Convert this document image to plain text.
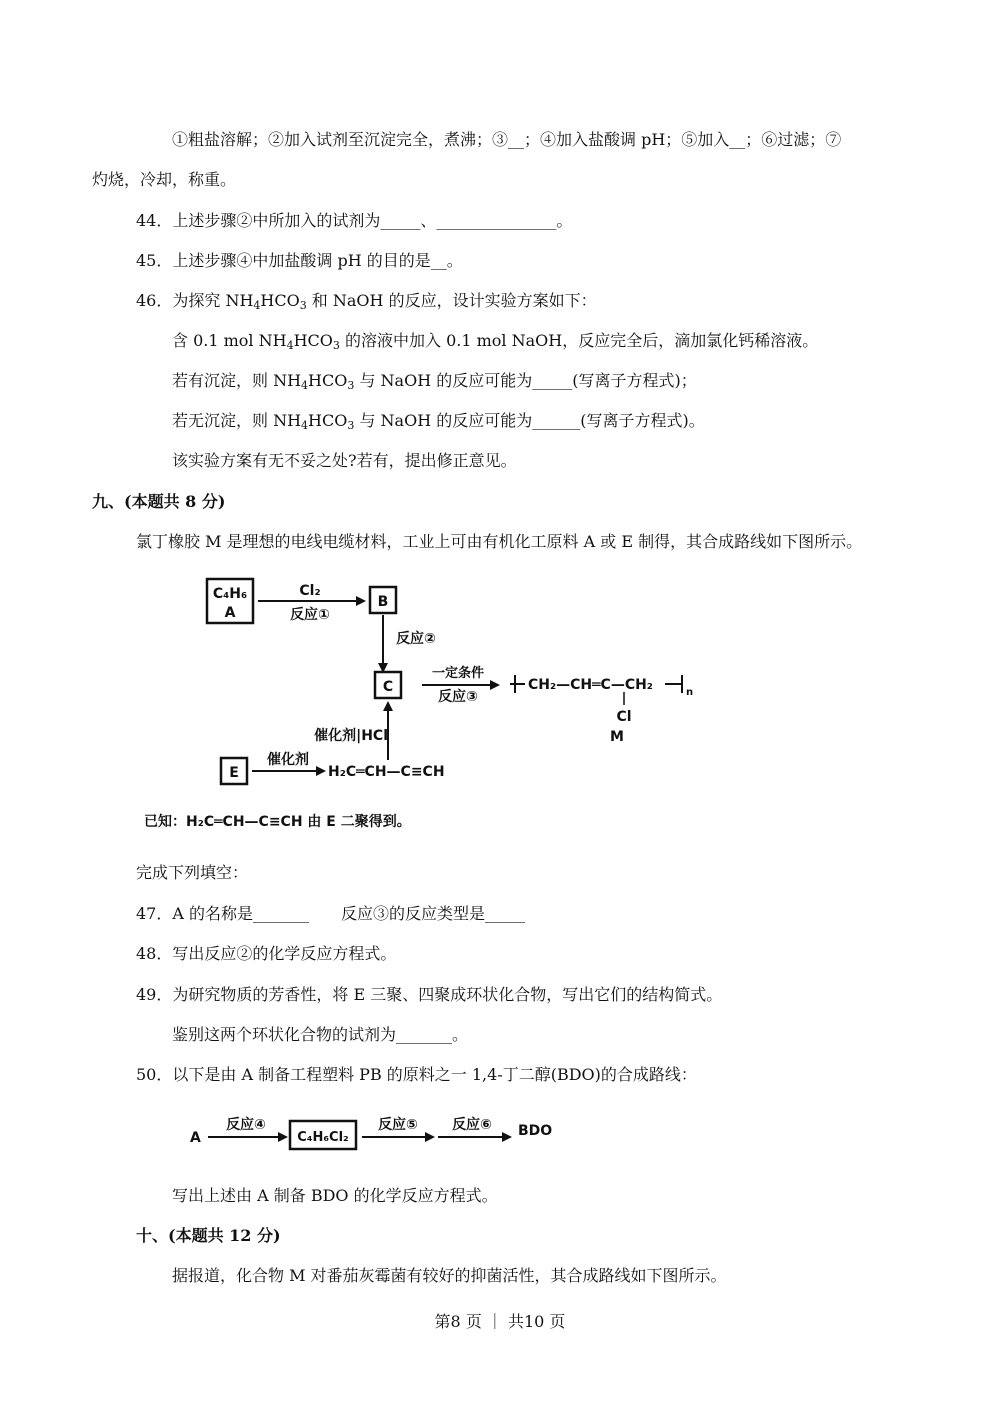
①粗盐溶解；②加入试剂至沉淀完全，煮沸；③__；④加入盐酸调 pH；⑤加入__；⑥过滤；⑦
灼烧，冷却，称重。
44．上述步骤②中所加入的试剂为_____、_______________。
45．上述步骤④中加盐酸调 pH 的目的是__。
46．为探究 $NH_4HCO_3$ 和 NaOH 的反应，设计实验方案如下：
含 0.1 mol $NH_4HCO_3$ 的溶液中加入 0.1 mol NaOH，反应完全后，滴加氯化钙稀溶液。
若有沉淀，则 $NH_4HCO_3$ 与 NaOH 的反应可能为_____(写离子方程式)；
若无沉淀，则 $NH_4HCO_3$ 与 NaOH 的反应可能为______(写离子方程式)。
该实验方案有无不妥之处?若有，提出修正意见。
九、(本题共 8 分)
氯丁橡胶 M 是理想的电线电缆材料，工业上可由有机化工原料 A 或 E 制得，其合成路线如下图所示。
C₄H₆
A
Cl₂
反应①
B
反应②
C
一定条件
反应③
CH₂—CH═C—CH₂	n
Cl
M
催化剂|HCl
E
催化剂
H₂C═CH—C≡CH
已知：H₂C═CH—C≡CH 由 E 二聚得到。
完成下列填空：
47．A 的名称是_______　　反应③的反应类型是_____
48．写出反应②的化学反应方程式。
49．为研究物质的芳香性，将 E 三聚、四聚成环状化合物，写出它们的结构简式。
鉴别这两个环状化合物的试剂为_______。
50．以下是由 A 制备工程塑料 PB 的原料之一 1,4-丁二醇(BDO)的合成路线：
A
反应④
C₄H₆Cl₂
反应⑤ 反应⑥ BDO
写出上述由 A 制备 BDO 的化学反应方程式。
十、(本题共 12 分)
据报道，化合物 M 对番茄灰霉菌有较好的抑菌活性，其合成路线如下图所示。
第8 页 ｜ 共10 页
